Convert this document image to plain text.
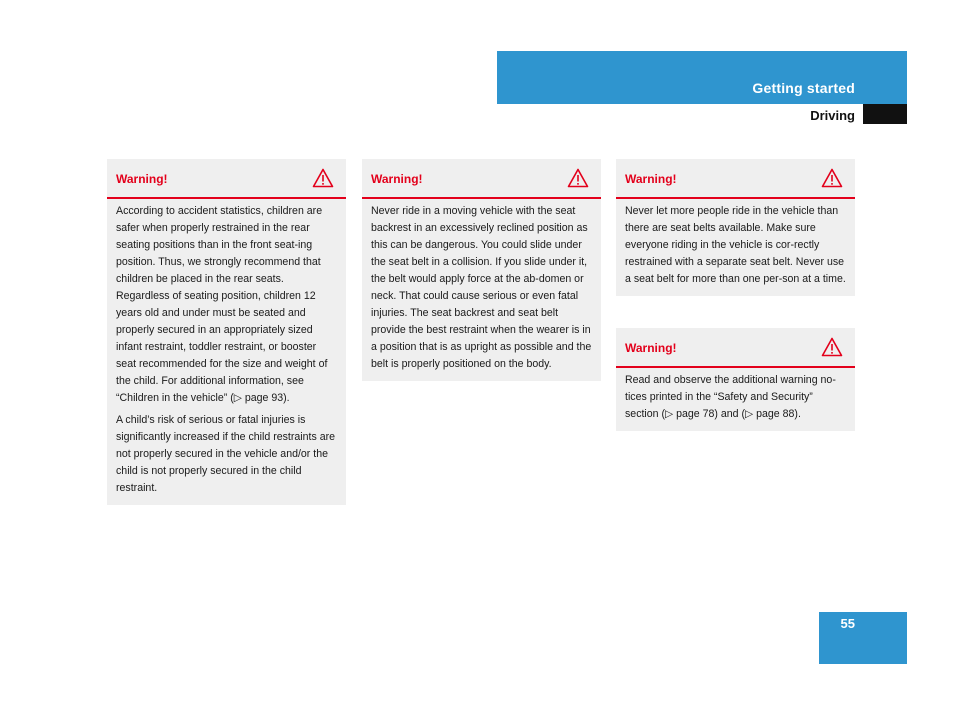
Getting started
Driving
Warning!

According to accident statistics, children are safer when properly restrained in the rear seating positions than in the front seat-ing position. Thus, we strongly recommend that children be placed in the rear seats. Regardless of seating position, children 12 years old and under must be seated and properly secured in an appropriately sized infant restraint, toddler restraint, or booster seat recommended for the size and weight of the child. For additional information, see “Children in the vehicle” (▷ page 93).

A child’s risk of serious or fatal injuries is significantly increased if the child restraints are not properly secured in the vehicle and/or the child is not properly secured in the child restraint.

Warning!

Never ride in a moving vehicle with the seat backrest in an excessively reclined position as this can be dangerous. You could slide under the seat belt in a collision. If you slide under it, the belt would apply force at the ab-domen or neck. That could cause serious or even fatal injuries. The seat backrest and seat belt provide the best restraint when the wearer is in a position that is as upright as possible and the belt is properly positioned on the body.

Warning!

Never let more people ride in the vehicle than there are seat belts available. Make sure everyone riding in the vehicle is cor-rectly restrained with a separate seat belt. Never use a seat belt for more than one per-son at a time.

Warning!

Read and observe the additional warning no-tices printed in the “Safety and Security” section (▷ page 78) and (▷ page 88).

55
